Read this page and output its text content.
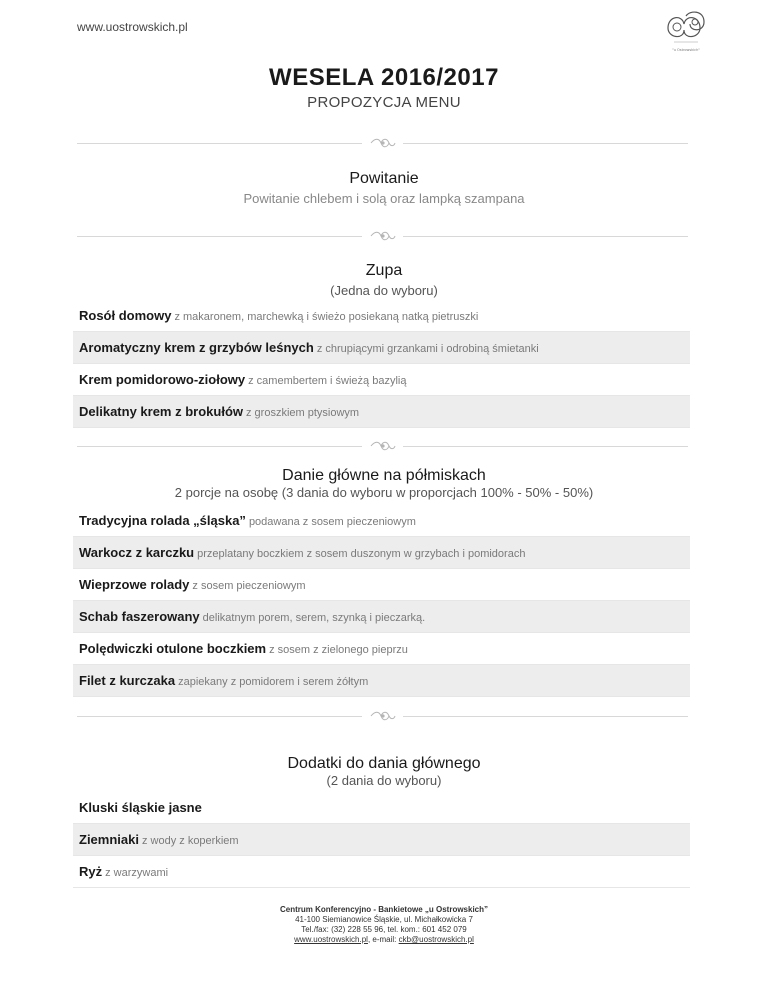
www.uostrowskich.pl
"u Ostrowskich"
WESELA 2016/2017
PROPOZYCJA MENU
Powitanie
Powitanie chlebem i solą oraz lampką szampana
Zupa
(Jedna do wyboru)
Rosół domowy z makaronem, marchewką i świeżo posiekaną natką pietruszki
Aromatyczny krem z grzybów leśnych z chrupiącymi grzankami i odrobiną śmietanki
Krem pomidorowo-ziołowy z camembertem i świeżą bazylią
Delikatny krem z brokułów z groszkiem ptysiowym
Danie główne na półmiskach
2 porcje na osobę (3 dania do wyboru w proporcjach 100% - 50% - 50%)
Tradycyjna rolada „śląska” podawana z sosem pieczeniowym
Warkocz z karczku przeplatany boczkiem z sosem duszonym w grzybach i pomidorach
Wieprzowe rolady z sosem pieczeniowym
Schab faszerowany delikatnym porem, serem, szynką i pieczarką.
Polędwiczki otulone boczkiem z sosem z zielonego pieprzu
Filet z kurczaka zapiekany z pomidorem i serem żółtym
Dodatki do dania głównego
(2 dania do wyboru)
Kluski śląskie jasne
Ziemniaki z wody z koperkiem
Ryż z warzywami
Centrum Konferencyjno - Bankietowe „u Ostrowskich”
41-100 Siemianowice Śląskie, ul. Michałkowicka 7
Tel./fax: (32) 228 55 96, tel. kom.: 601 452 079
www.uostrowskich.pl, e-mail: ckb@uostrowskich.pl
